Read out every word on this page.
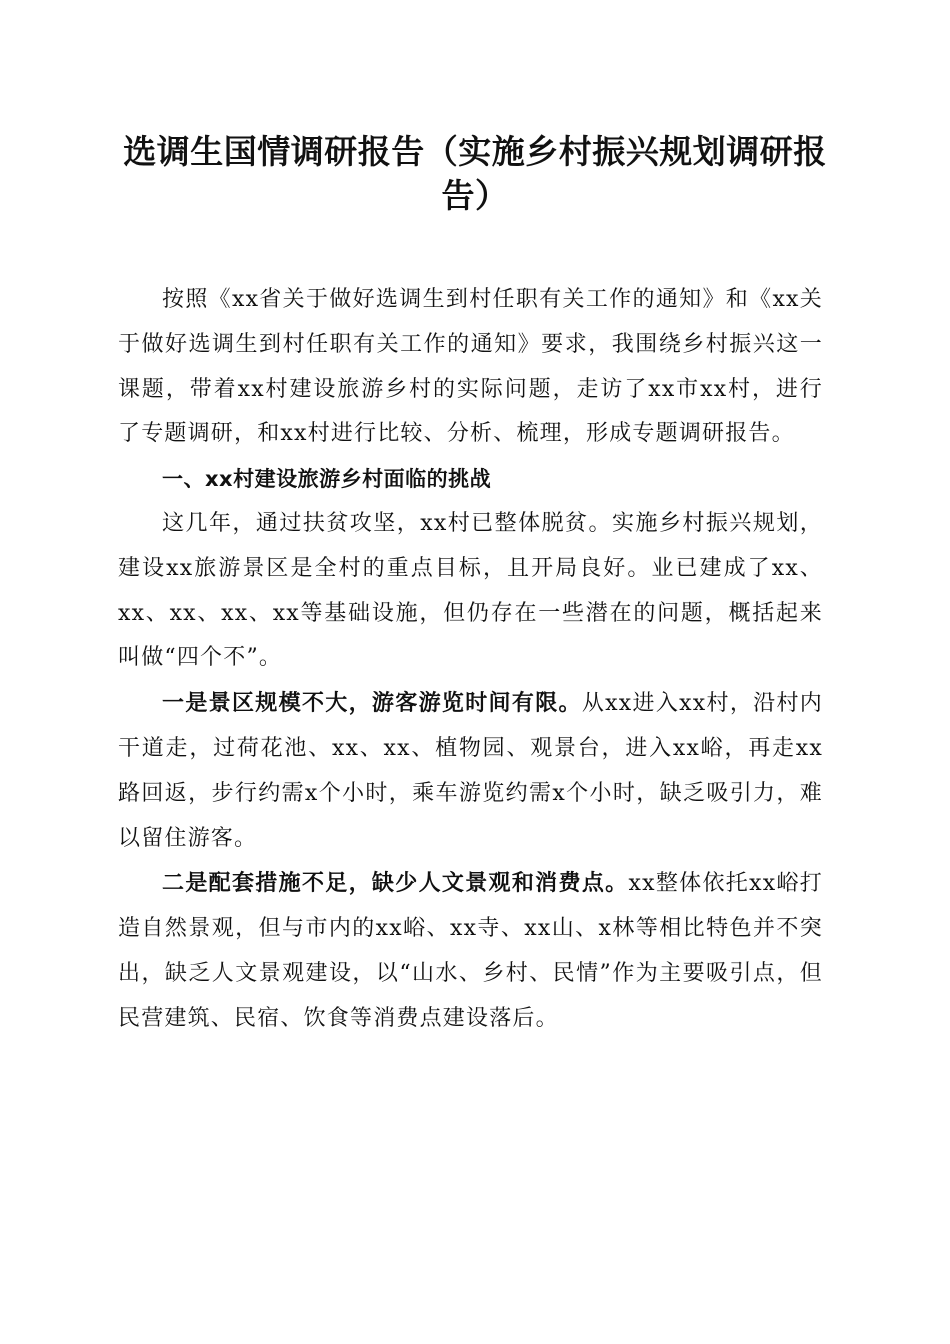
选调生国情调研报告（实施乡村振兴规划调研报告）

按照《xx省关于做好选调生到村任职有关工作的通知》和《xx关于做好选调生到村任职有关工作的通知》要求，我围绕乡村振兴这一课题，带着xx村建设旅游乡村的实际问题，走访了xx市xx村，进行了专题调研，和xx村进行比较、分析、梳理，形成专题调研报告。

一、xx村建设旅游乡村面临的挑战

这几年，通过扶贫攻坚，xx村已整体脱贫。实施乡村振兴规划，建设xx旅游景区是全村的重点目标，且开局良好。业已建成了xx、xx、xx、xx、xx等基础设施，但仍存在一些潜在的问题，概括起来叫做“四个不”。

一是景区规模不大，游客游览时间有限。从xx进入xx村，沿村内干道走，过荷花池、xx、xx、植物园、观景台，进入xx峪，再走xx路回返，步行约需x个小时，乘车游览约需x个小时，缺乏吸引力，难以留住游客。

二是配套措施不足，缺少人文景观和消费点。xx整体依托xx峪打造自然景观，但与市内的xx峪、xx寺、xx山、x林等相比特色并不突出，缺乏人文景观建设，以“山水、乡村、民情”作为主要吸引点，但民营建筑、民宿、饮食等消费点建设落后。
